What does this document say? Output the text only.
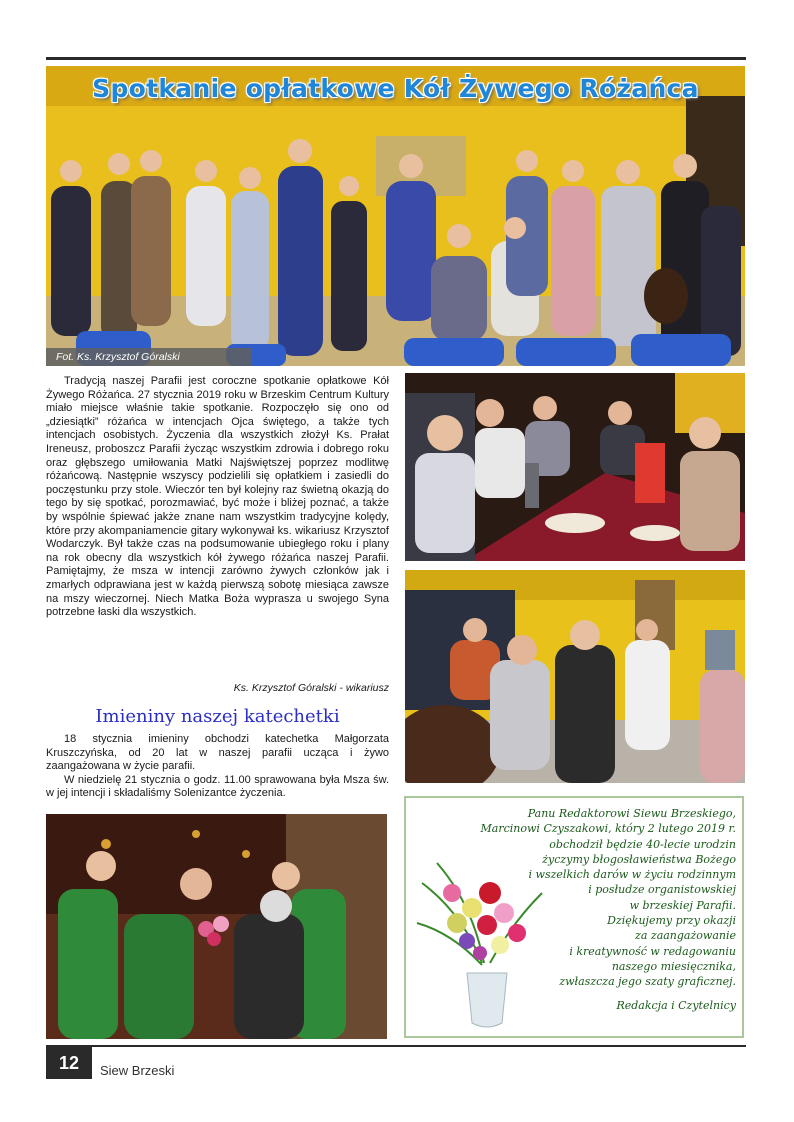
Spotkanie opłatkowe Kół Żywego Różańca
Fot. Ks. Krzysztof Góralski

Tradycją naszej Parafii jest coroczne spotkanie opłatkowe Kół Żywego Różańca. 27 stycznia 2019 roku w Brzeskim Centrum Kultury miało miejsce właśnie takie spotkanie. Rozpoczęło się ono od „dziesiątki” różańca w intencjach Ojca świętego, a także tych intencjach osobistych. Życzenia dla wszystkich złożył Ks. Prałat Ireneusz, proboszcz Parafii życząc wszystkim zdrowia i dobrego roku oraz głębszego umiłowania Matki Najświętszej poprzez modlitwę różańcową. Następnie wszyscy podzielili się opłatkiem i zasiedli do poczęstunku przy stole. Wieczór ten był kolejny raz świetną okazją do tego by się spotkać, porozmawiać, być może i bliżej poznać, a także by wspólnie śpiewać jakże znane nam wszystkim tradycyjne kolędy, które przy akompaniamencie gitary wykonywał ks. wikariusz Krzysztof Wodarczyk. Był także czas na podsumowanie ubiegłego roku i plany na rok obecny dla wszystkich kół żywego różańca naszej Parafii. Pamiętajmy, że msza w intencji zarówno żywych członków jak i zmarłych odprawiana jest w każdą pierwszą sobotę miesiąca zawsze na mszy wieczornej. Niech Matka Boża wyprasza u swojego Syna potrzebne łaski dla wszystkich.

Ks. Krzysztof Góralski - wikariusz
Imieniny naszej katechetki

18 stycznia imieniny obchodzi katechetka Małgorzata Kruszczyńska, od 20 lat w naszej parafii ucząca i żywo zaangażowana w życie parafii.

W niedzielę 21 stycznia o godz. 11.00 sprawowana była Msza św. w jej intencji i składaliśmy Solenizantce życzenia.

Panu Redaktorowi Siewu Brzeskiego,
Marcinowi Czyszakowi, który 2 lutego 2019 r.
obchodził będzie 40-lecie urodzin
życzymy błogosławieństwa Bożego
i wszelkich darów w życiu rodzinnym
i posłudze organistowskiej
w brzeskiej Parafii.
Dziękujemy przy okazji
za zaangażowanie
i kreatywność w redagowaniu
naszego miesięcznika,
zwłaszcza jego szaty graficznej.
Redakcja i Czytelnicy
12	Siew Brzeski
